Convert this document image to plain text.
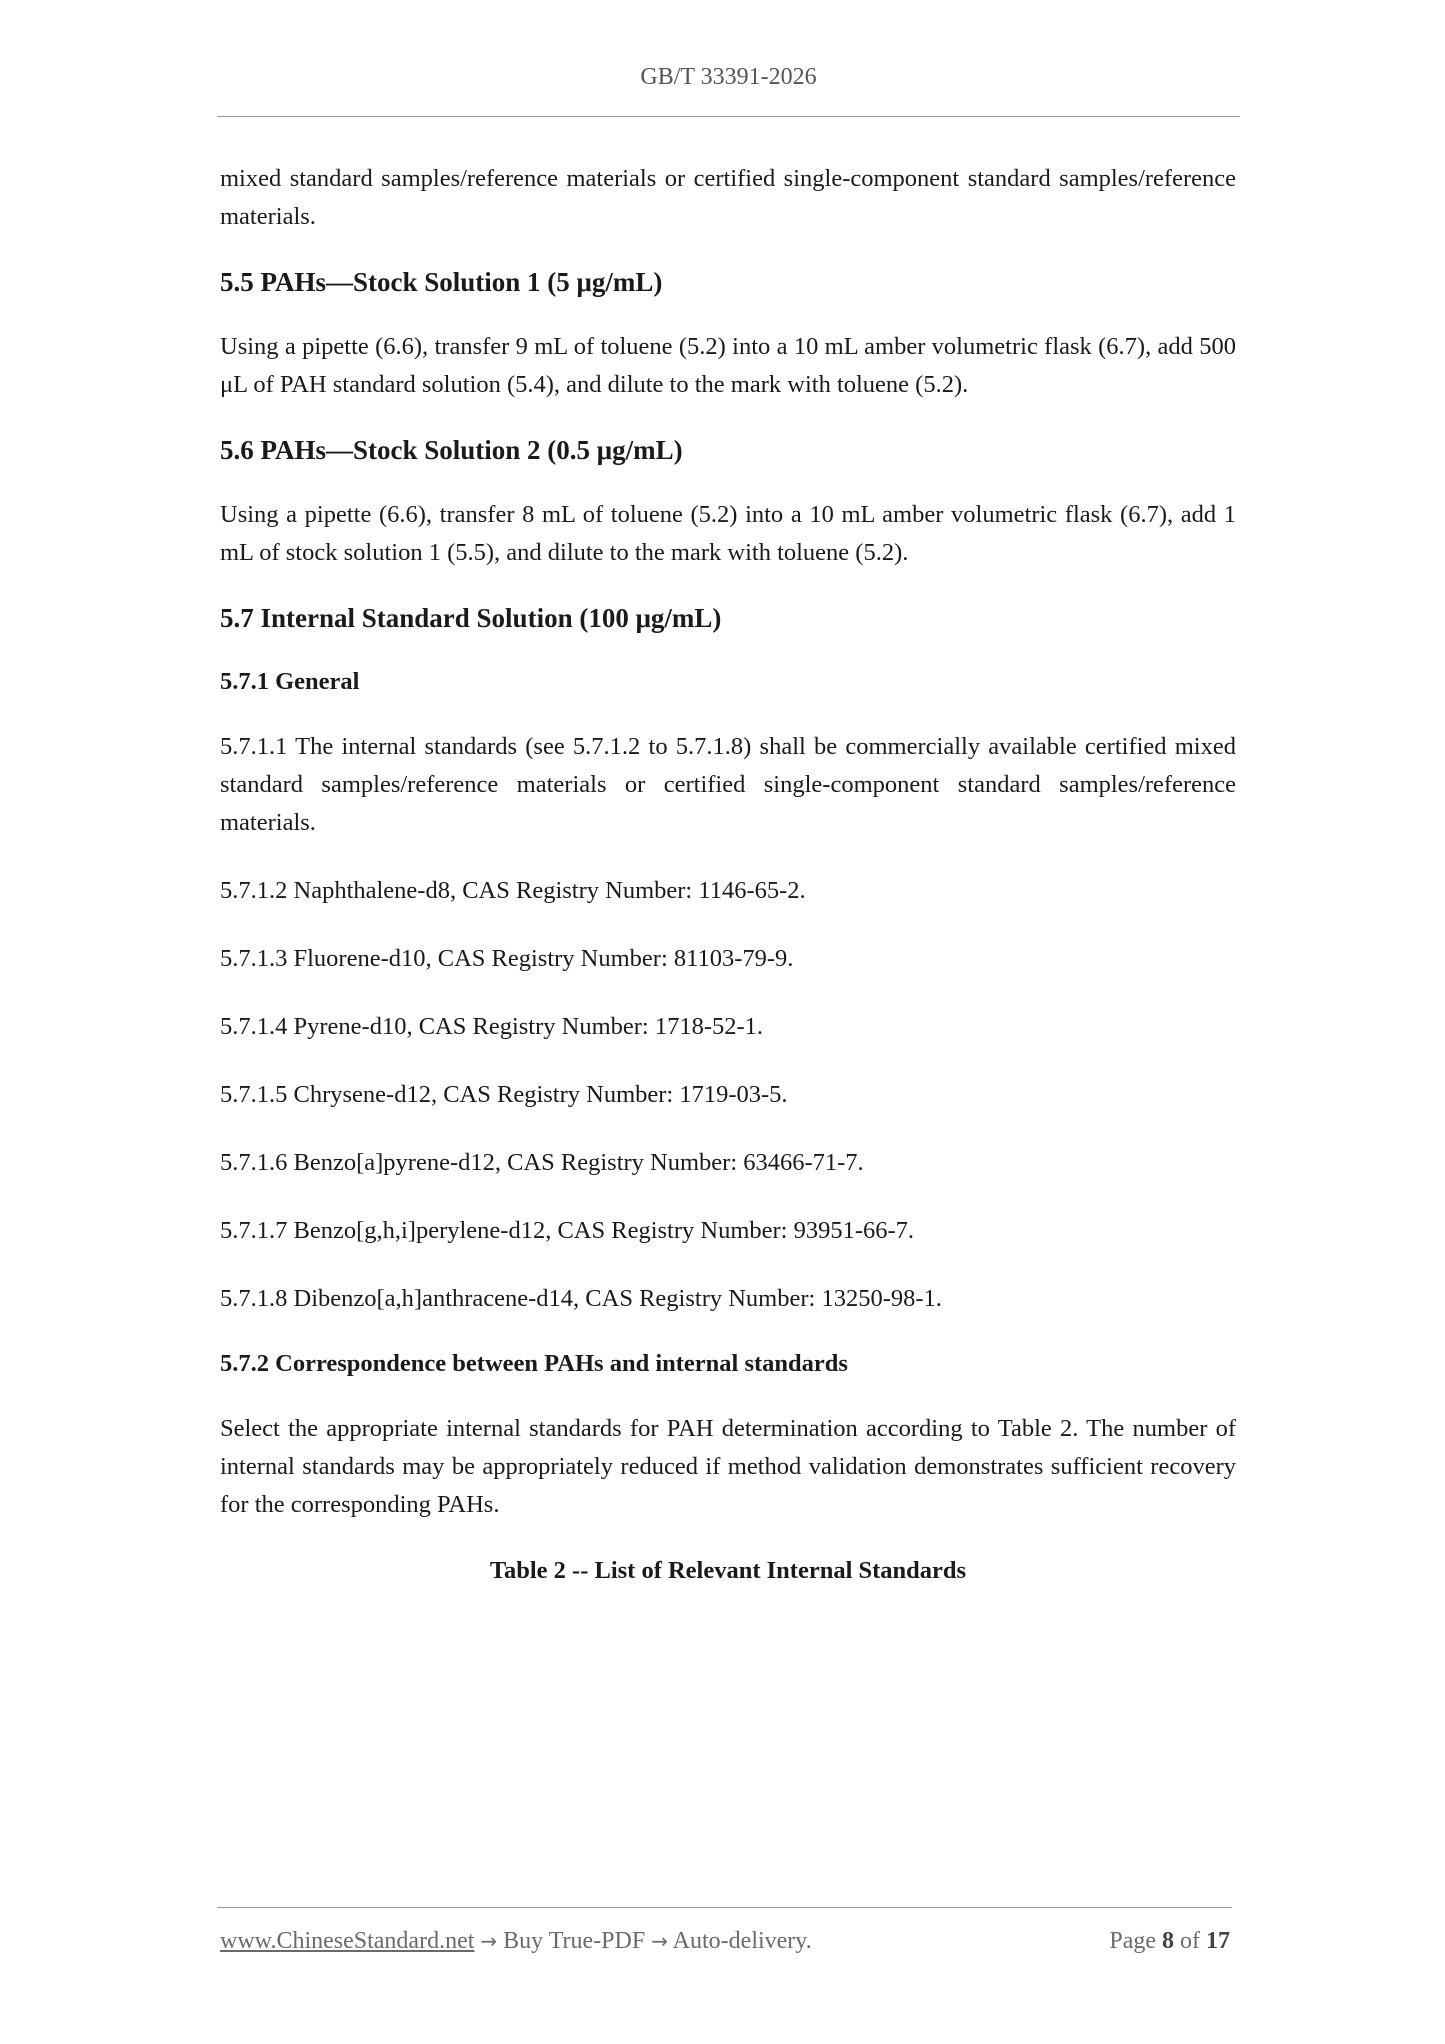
GB/T 33391-2026

mixed standard samples/reference materials or certified single-component standard samples/reference materials.

5.5 PAHs—Stock Solution 1 (5 μg/mL)

Using a pipette (6.6), transfer 9 mL of toluene (5.2) into a 10 mL amber volumetric flask (6.7), add 500 μL of PAH standard solution (5.4), and dilute to the mark with toluene (5.2).

5.6 PAHs—Stock Solution 2 (0.5 μg/mL)

Using a pipette (6.6), transfer 8 mL of toluene (5.2) into a 10 mL amber volumetric flask (6.7), add 1 mL of stock solution 1 (5.5), and dilute to the mark with toluene (5.2).

5.7 Internal Standard Solution (100 μg/mL)
5.7.1 General

5.7.1.1 The internal standards (see 5.7.1.2 to 5.7.1.8) shall be commercially available certified mixed standard samples/reference materials or certified single-component standard samples/reference materials.

5.7.1.2 Naphthalene-d8, CAS Registry Number: 1146-65-2.

5.7.1.3 Fluorene-d10, CAS Registry Number: 81103-79-9.

5.7.1.4 Pyrene-d10, CAS Registry Number: 1718-52-1.

5.7.1.5 Chrysene-d12, CAS Registry Number: 1719-03-5.

5.7.1.6 Benzo[a]pyrene-d12, CAS Registry Number: 63466-71-7.

5.7.1.7 Benzo[g,h,i]perylene-d12, CAS Registry Number: 93951-66-7.

5.7.1.8 Dibenzo[a,h]anthracene-d14, CAS Registry Number: 13250-98-1.

5.7.2 Correspondence between PAHs and internal standards

Select the appropriate internal standards for PAH determination according to Table 2. The number of internal standards may be appropriately reduced if method validation demonstrates sufficient recovery for the corresponding PAHs.

Table 2 -- List of Relevant Internal Standards
www.ChineseStandard.net → Buy True-PDF → Auto-delivery.	Page 8 of 17
